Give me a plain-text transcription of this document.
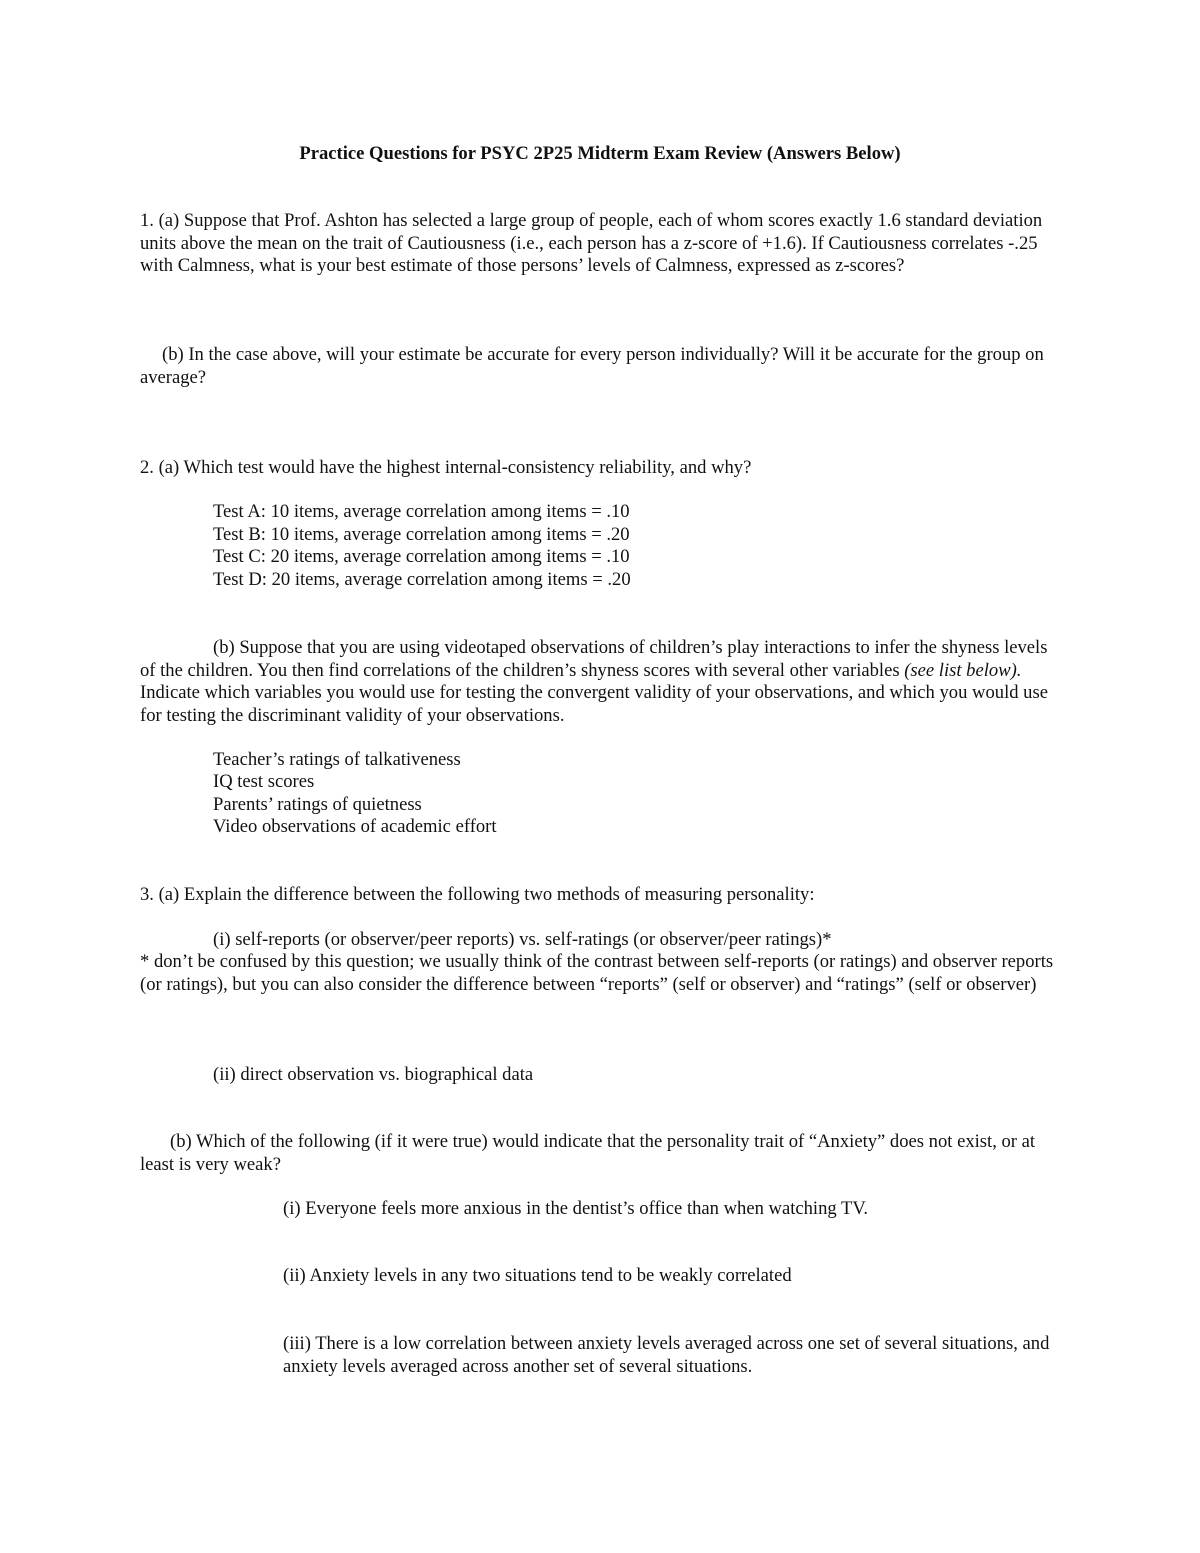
Practice Questions for PSYC 2P25 Midterm Exam Review (Answers Below)

1. (a) Suppose that Prof. Ashton has selected a large group of people, each of whom scores exactly 1.6 standard deviation units above the mean on the trait of Cautiousness (i.e., each person has a z-score of +1.6). If Cautiousness correlates -.25 with Calmness, what is your best estimate of those persons’ levels of Calmness, expressed as z-scores?

(b) In the case above, will your estimate be accurate for every person individually? Will it be accurate for the group on average?

2. (a) Which test would have the highest internal-consistency reliability, and why?

Test A: 10 items, average correlation among items = .10

Test B: 10 items, average correlation among items = .20

Test C: 20 items, average correlation among items = .10

Test D: 20 items, average correlation among items = .20

(b) Suppose that you are using videotaped observations of children’s play interactions to infer the shyness levels of the children. You then find correlations of the children’s shyness scores with several other variables (see list below). Indicate which variables you would use for testing the convergent validity of your observations, and which you would use for testing the discriminant validity of your observations.

Teacher’s ratings of talkativeness

IQ test scores

Parents’ ratings of quietness

Video observations of academic effort

3. (a) Explain the difference between the following two methods of measuring personality:

(i) self-reports (or observer/peer reports) vs. self-ratings (or observer/peer ratings)*

* don’t be confused by this question; we usually think of the contrast between self-reports (or ratings) and observer reports (or ratings), but you can also consider the difference between “reports” (self or observer) and “ratings” (self or observer)

(ii) direct observation vs. biographical data

(b) Which of the following (if it were true) would indicate that the personality trait of “Anxiety” does not exist, or at least is very weak?

(i) Everyone feels more anxious in the dentist’s office than when watching TV.

(ii) Anxiety levels in any two situations tend to be weakly correlated

(iii) There is a low correlation between anxiety levels averaged across one set of several situations, and anxiety levels averaged across another set of several situations.
